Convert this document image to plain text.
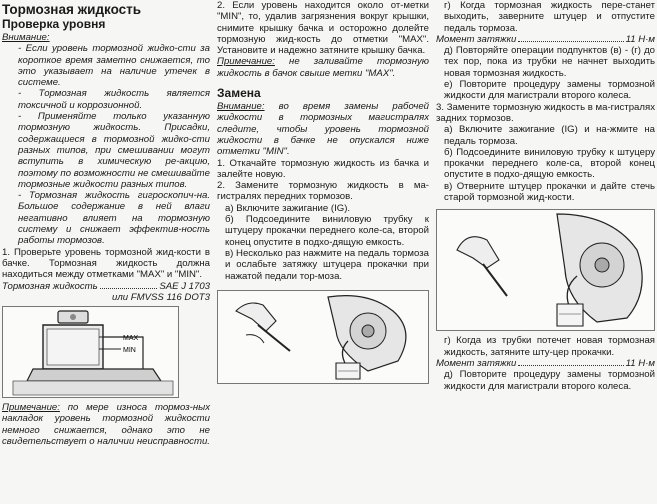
Тормозная жидкость
Проверка уровня

Внимание:

- Если уровень тормозной жидко-сти за короткое время заметно снижается, то это указывает на наличие утечек в системе.

- Тормозная жидкость является токсичной и коррозионной.

- Применяйте только указанную тормозную жидкость. Присадки, содержащиеся в тормозной жидко-сти разных типов, при смешивании могут вступить в химическую ре-акцию, поэтому по возможности не смешивайте тормозные жидкости разных типов.

- Тормозная жидкость гигроскопич-на. Большое содержание в ней влаги негативно влияет на тормозную систему и снижает эффектив-ность работы тормозов.

1. Проверьте уровень тормозной жид-кости в бачке. Тормозная жидкость должна находиться между отметками "MAX" и "MIN".

Тормозная жидкость	SAE J 1703

или FMVSS 116 DOT3

MAX
MIN

Примечание: по мере износа тормоз-ных накладок уровень тормозной жидкости немного снижается, однако это не свидетельствует о наличии неисправности.

2. Если уровень находится около от-метки "MIN", то, удалив загрязнения вокруг крышки, снимите крышку бачка и осторожно долейте тормозную жид-кость до отметки "MAX". Установите и надежно затяните крышку бачка.

Примечание: не заливайте тормозную жидкость в бачок свыше метки "MAX".

Замена

Внимание: во время замены рабочей жидкости в тормозных магистралях следите, чтобы уровень тормозной жидкости в бачке не опускался ниже отметки "MIN".

1. Откачайте тормозную жидкость из бачка и залейте новую.

2. Замените тормозную жидкость в ма-гистралях передних тормозов.

а) Включите зажигание (IG).

б) Подсоедините виниловую трубку к штуцеру прокачки переднего коле-са, второй конец опустите в подхо-дящую емкость.

в) Несколько раз нажмите на педаль тормоза и ослабьте затяжку штуцера прокачки при нажатой педали тор-моза.

г) Когда тормозная жидкость пере-станет выходить, заверните штуцер и отпустите педаль тормоза.

Момент затяжки	11 Н·м

д) Повторяйте операции подпунктов (в) - (г) до тех пор, пока из трубки не начнет выходить новая тормозная жидкость.

е) Повторите процедуру замены тормозной жидкости для магистрали второго колеса.

3. Замените тормозную жидкость в ма-гистралях задних тормозов.

а) Включите зажигание (IG) и на-жмите на педаль тормоза.

б) Подсоедините виниловую трубку к штуцеру прокачки переднего коле-са, второй конец опустите в подхо-дящую емкость.

в) Отверните штуцер прокачки и дайте стечь старой тормозной жид-кости.

г) Когда из трубки потечет новая тормозная жидкость, затяните шту-цер прокачки.

Момент затяжки	11 Н·м

д) Повторите процедуру замены тормозной жидкости для магистрали второго колеса.
